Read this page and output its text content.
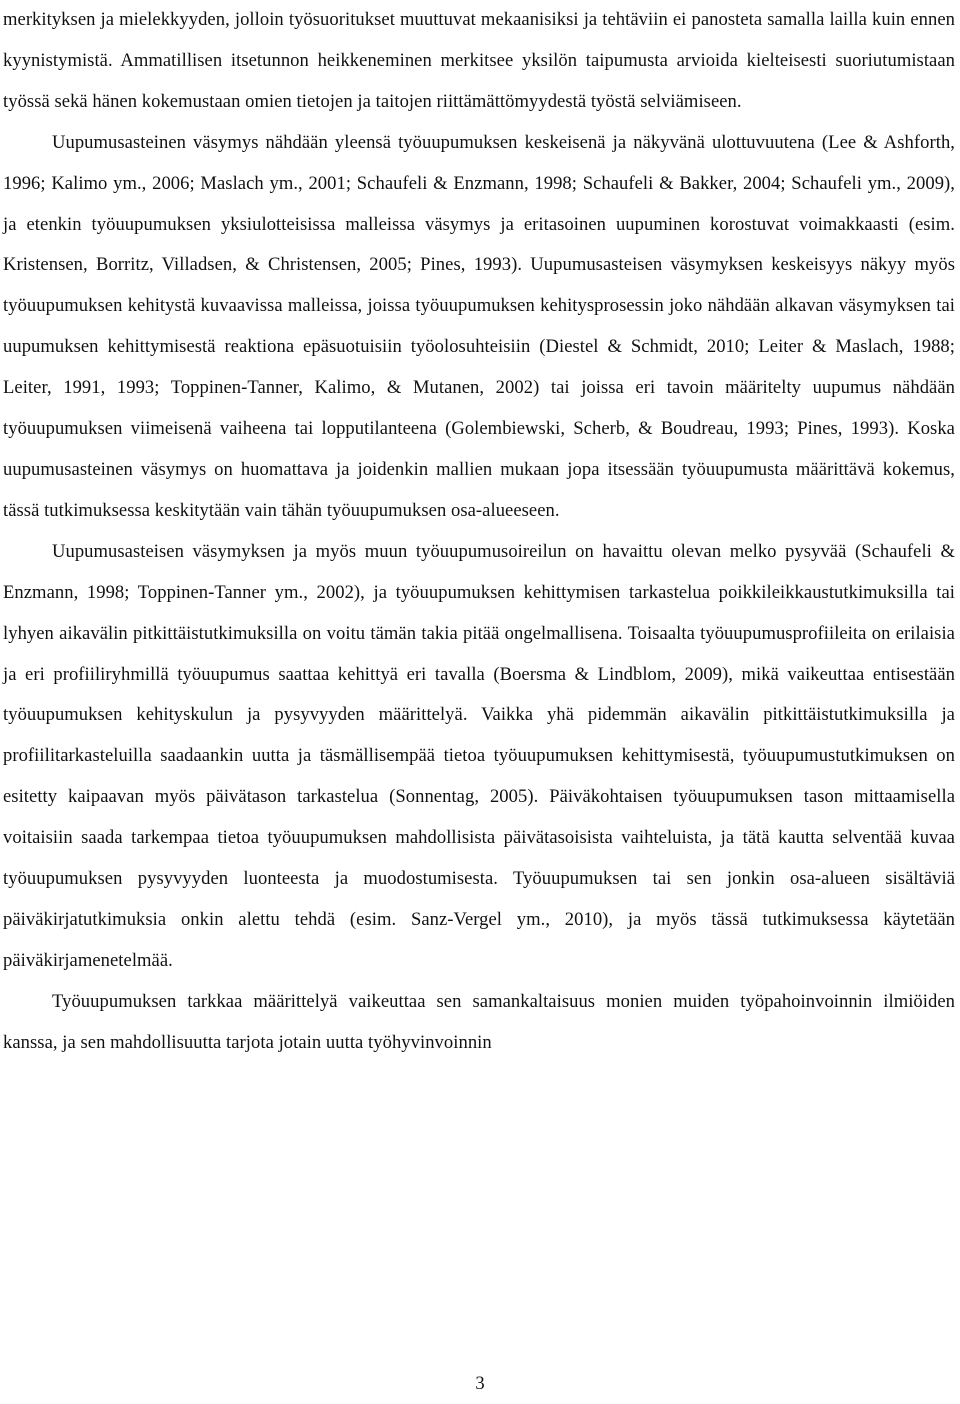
merkityksen ja mielekkyyden, jolloin työsuoritukset muuttuvat mekaanisiksi ja tehtäviin ei panosteta samalla lailla kuin ennen kyynistymistä. Ammatillisen itsetunnon heikkeneminen merkitsee yksilön taipumusta arvioida kielteisesti suoriutumistaan työssä sekä hänen kokemustaan omien tietojen ja taitojen riittämättömyydestä työstä selviämiseen.

Uupumusasteinen väsymys nähdään yleensä työuupumuksen keskeisenä ja näkyvänä ulottuvuutena (Lee & Ashforth, 1996; Kalimo ym., 2006; Maslach ym., 2001; Schaufeli & Enzmann, 1998; Schaufeli & Bakker, 2004; Schaufeli ym., 2009), ja etenkin työuupumuksen yksiulotteisissa malleissa väsymys ja eritasoinen uupuminen korostuvat voimakkaasti (esim. Kristensen, Borritz, Villadsen, & Christensen, 2005; Pines, 1993). Uupumusasteisen väsymyksen keskeisyys näkyy myös työuupumuksen kehitystä kuvaavissa malleissa, joissa työuupumuksen kehitysprosessin joko nähdään alkavan väsymyksen tai uupumuksen kehittymisestä reaktiona epäsuotuisiin työolosuhteisiin (Diestel & Schmidt, 2010; Leiter & Maslach, 1988; Leiter, 1991, 1993; Toppinen-Tanner, Kalimo, & Mutanen, 2002) tai joissa eri tavoin määritelty uupumus nähdään työuupumuksen viimeisenä vaiheena tai lopputilanteena (Golembiewski, Scherb, & Boudreau, 1993; Pines, 1993). Koska uupumusasteinen väsymys on huomattava ja joidenkin mallien mukaan jopa itsessään työuupumusta määrittävä kokemus, tässä tutkimuksessa keskitytään vain tähän työuupumuksen osa-alueeseen.

Uupumusasteisen väsymyksen ja myös muun työuupumusoireilun on havaittu olevan melko pysyvää (Schaufeli & Enzmann, 1998; Toppinen-Tanner ym., 2002), ja työuupumuksen kehittymisen tarkastelua poikkileikkaustutkimuksilla tai lyhyen aikavälin pitkittäistutkimuksilla on voitu tämän takia pitää ongelmallisena. Toisaalta työuupumusprofiileita on erilaisia ja eri profiiliryhmillä työuupumus saattaa kehittyä eri tavalla (Boersma & Lindblom, 2009), mikä vaikeuttaa entisestään työuupumuksen kehityskulun ja pysyvyyden määrittelyä. Vaikka yhä pidemmän aikavälin pitkittäistutkimuksilla ja profiilitarkasteluilla saadaankin uutta ja täsmällisempää tietoa työuupumuksen kehittymisestä, työuupumustutkimuksen on esitetty kaipaavan myös päivätason tarkastelua (Sonnentag, 2005). Päiväkohtaisen työuupumuksen tason mittaamisella voitaisiin saada tarkempaa tietoa työuupumuksen mahdollisista päivätasoisista vaihteluista, ja tätä kautta selventää kuvaa työuupumuksen pysyvyyden luonteesta ja muodostumisesta. Työuupumuksen tai sen jonkin osa-alueen sisältäviä päiväkirjatutkimuksia onkin alettu tehdä (esim. Sanz-Vergel ym., 2010), ja myös tässä tutkimuksessa käytetään päiväkirjamenetelmää.

Työuupumuksen tarkkaa määrittelyä vaikeuttaa sen samankaltaisuus monien muiden työpahoinvoinnin ilmiöiden kanssa, ja sen mahdollisuutta tarjota jotain uutta työhyvinvoinnin

3
